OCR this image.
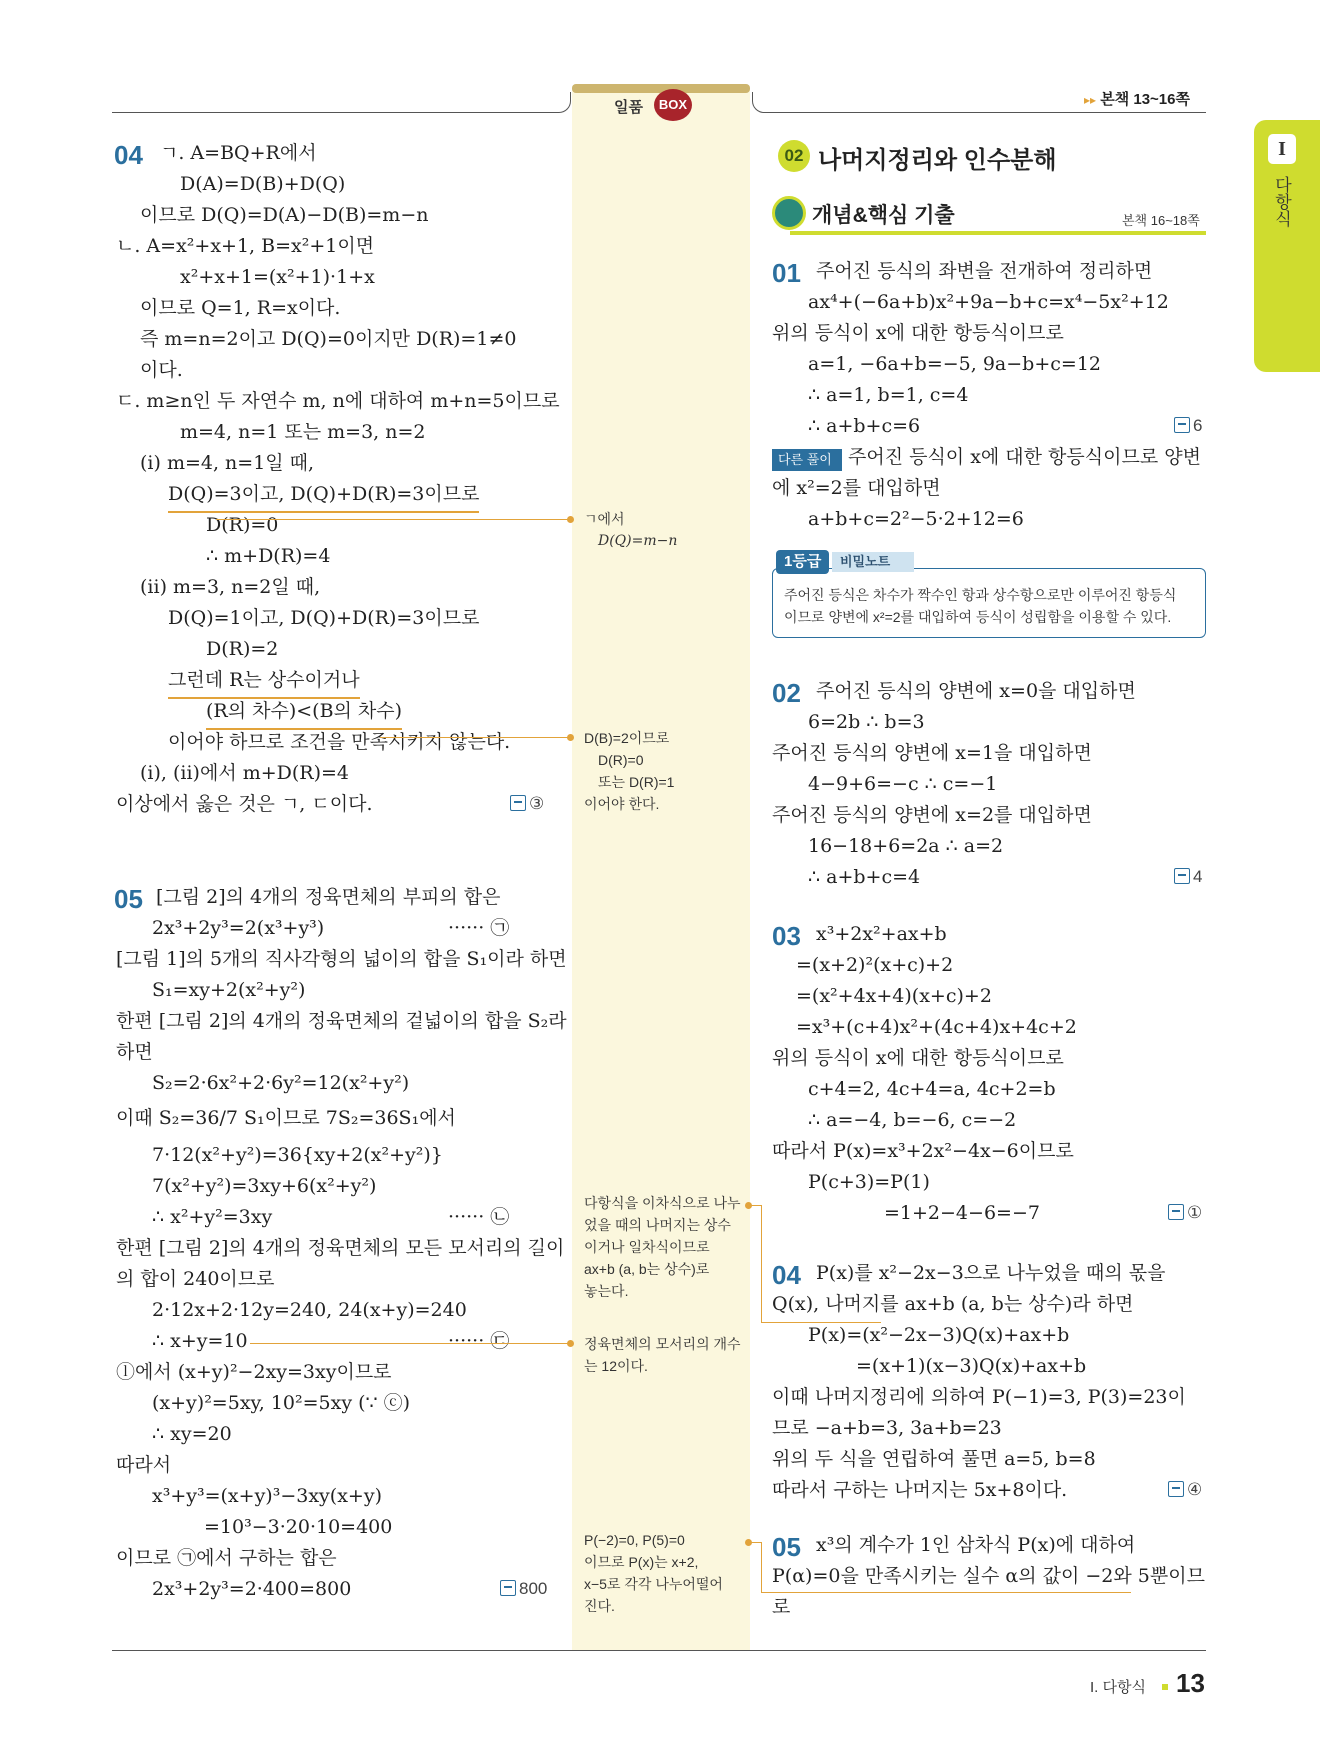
일품	BOX	▸▸ 본책 13~16쪽
I
다항식
04 ㄱ. A=BQ+R에서
D(A)=D(B)+D(Q)
이므로 D(Q)=D(A)−D(B)=m−n
ㄴ. A=x²+x+1, B=x²+1이면
x²+x+1=(x²+1)·1+x
이므로 Q=1, R=x이다.
즉 m=n=2이고 D(Q)=0이지만 D(R)=1≠0
이다.
ㄷ. m≥n인 두 자연수 m, n에 대하여 m+n=5이므로
m=4, n=1 또는 m=3, n=2
(i) m=4, n=1일 때,
D(Q)=3이고, D(Q)+D(R)=3이므로
D(R)=0
∴ m+D(R)=4
(ii) m=3, n=2일 때,
D(Q)=1이고, D(Q)+D(R)=3이므로
D(R)=2
그런데 R는 상수이거나
(R의 차수)<(B의 차수)
이어야 하므로 조건을 만족시키지 않는다.
(i), (ii)에서 m+D(R)=4
이상에서 옳은 것은 ㄱ, ㄷ이다.	③
05 [그림 2]의 4개의 정육면체의 부피의 합은
2x³+2y³=2(x³+y³)
[그림 1]의 5개의 직사각형의 넓이의 합을 S₁이라 하면
S₁=xy+2(x²+y²)
한편 [그림 2]의 4개의 정육면체의 겉넓이의 합을 S₂라
하면
S₂=2·6x²+2·6y²=12(x²+y²)
이때 S₂=36/7 S₁이므로 7S₂=36S₁에서
7·12(x²+y²)=36{xy+2(x²+y²)}
7(x²+y²)=3xy+6(x²+y²)
∴ x²+y²=3xy
한편 [그림 2]의 4개의 정육면체의 모든 모서리의 길이
의 합이 240이므로
2·12x+2·12y=240, 24(x+y)=240
∴ x+y=10
ⓛ에서 (x+y)²−2xy=3xy이므로
(x+y)²=5xy, 10²=5xy (∵ ⓒ)
∴ xy=20
따라서
x³+y³=(x+y)³−3xy(x+y)
=10³−3·20·10=400
이므로 ㉠에서 구하는 합은
2x³+2y³=2·400=800
······ ㉠
······ ㉡
······ ㉢
800
ㄱ에서
D(Q)=m−n
D(B)=2이므로
D(R)=0
또는 D(R)=1
이어야 한다.
다항식을 이차식으로 나누
었을 때의 나머지는 상수
이거나 일차식이므로
ax+b (a, b는 상수)로
놓는다.
정육면체의 모서리의 개수
는 12이다.
P(−2)=0, P(5)=0
이므로 P(x)는 x+2,
x−5로 각각 나누어떨어
진다.
02 나머지정리와 인수분해
개념&핵심 기출	본책 16~18쪽
01 주어진 등식의 좌변을 전개하여 정리하면
ax⁴+(−6a+b)x²+9a−b+c=x⁴−5x²+12
위의 등식이 x에 대한 항등식이므로
a=1, −6a+b=−5, 9a−b+c=12
∴ a=1, b=1, c=4
∴ a+b+c=6	6
다른 풀이 주어진 등식이 x에 대한 항등식이므로 양변
에 x²=2를 대입하면
a+b+c=2²−5·2+12=6
1등급	비밀노트
주어진 등식은 차수가 짝수인 항과 상수항으로만 이루어진 항등식
이므로 양변에 x²=2를 대입하여 등식이 성립함을 이용할 수 있다.
02 주어진 등식의 양변에 x=0을 대입하면
6=2b ∴ b=3
주어진 등식의 양변에 x=1을 대입하면
4−9+6=−c ∴ c=−1
주어진 등식의 양변에 x=2를 대입하면
16−18+6=2a ∴ a=2
∴ a+b+c=4	4
03 x³+2x²+ax+b
=(x+2)²(x+c)+2
=(x²+4x+4)(x+c)+2
=x³+(c+4)x²+(4c+4)x+4c+2
위의 등식이 x에 대한 항등식이므로
c+4=2, 4c+4=a, 4c+2=b
∴ a=−4, b=−6, c=−2
따라서 P(x)=x³+2x²−4x−6이므로
P(c+3)=P(1)
=1+2−4−6=−7	①
04 P(x)를 x²−2x−3으로 나누었을 때의 몫을
Q(x), 나머지를 ax+b (a, b는 상수)라 하면
P(x)=(x²−2x−3)Q(x)+ax+b
=(x+1)(x−3)Q(x)+ax+b
이때 나머지정리에 의하여 P(−1)=3, P(3)=23이
므로 −a+b=3, 3a+b=23
위의 두 식을 연립하여 풀면 a=5, b=8
따라서 구하는 나머지는 5x+8이다.	④
05 x³의 계수가 1인 삼차식 P(x)에 대하여
P(α)=0을 만족시키는 실수 α의 값이 −2와 5뿐이므
로
I. 다항식 13
